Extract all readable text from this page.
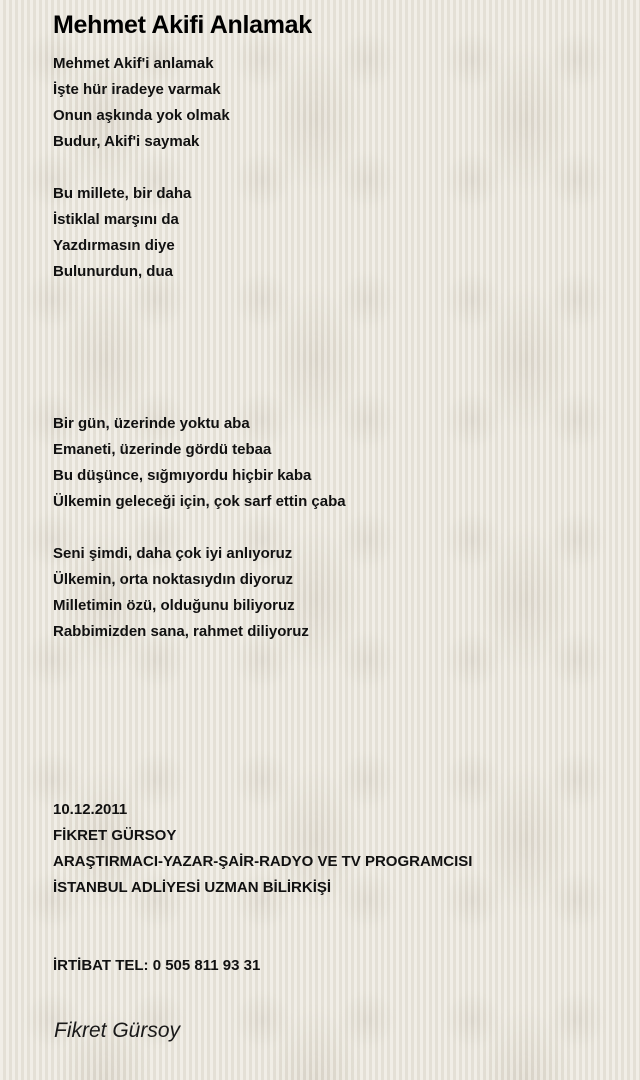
Mehmet Akifi Anlamak
Mehmet Akif'i anlamak
İşte hür iradeye varmak
Onun aşkında yok olmak
Budur, Akif'i saymak
Bu millete, bir daha
İstiklal marşını da
Yazdırmasın diye
Bulunurdun, dua
Bir gün, üzerinde yoktu aba
Emaneti, üzerinde gördü tebaa
Bu düşünce, sığmıyordu hiçbir kaba
Ülkemin geleceği için, çok sarf ettin çaba
Seni şimdi, daha çok iyi anlıyoruz
Ülkemin, orta noktasıydın diyoruz
Milletimin özü, olduğunu biliyoruz
Rabbimizden sana, rahmet diliyoruz
10.12.2011
FİKRET GÜRSOY
ARAŞTIRMACI-YAZAR-ŞAİR-RADYO VE TV PROGRAMCISI
İSTANBUL ADLİYESİ UZMAN BİLİRKİŞİ
İRTİBAT TEL: 0 505 811 93 31
Fikret Gürsoy
